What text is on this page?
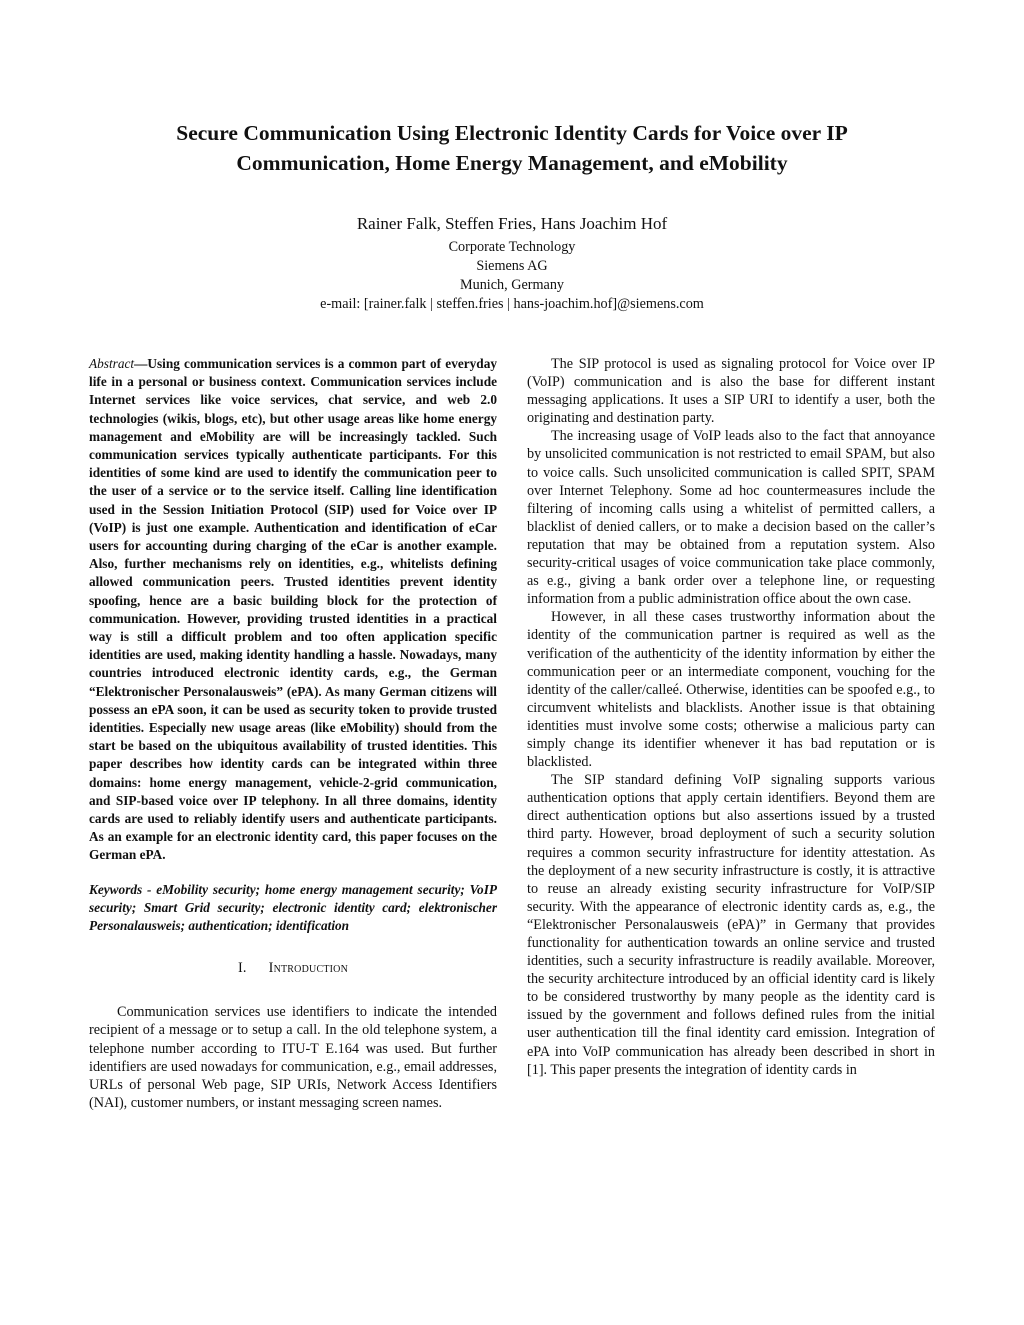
Secure Communication Using Electronic Identity Cards for Voice over IP
Communication, Home Energy Management, and eMobility
Rainer Falk, Steffen Fries, Hans Joachim Hof
Corporate Technology
Siemens AG
Munich, Germany
e-mail: [rainer.falk | steffen.fries | hans-joachim.hof]@siemens.com

Abstract—Using communication services is a common part of everyday life in a personal or business context. Communication services include Internet services like voice services, chat service, and web 2.0 technologies (wikis, blogs, etc), but other usage areas like home energy management and eMobility are will be increasingly tackled. Such communication services typically authenticate participants. For this identities of some kind are used to identify the communication peer to the user of a service or to the service itself. Calling line identification used in the Session Initiation Protocol (SIP) used for Voice over IP (VoIP) is just one example. Authentication and identification of eCar users for accounting during charging of the eCar is another example. Also, further mechanisms rely on identities, e.g., whitelists defining allowed communication peers. Trusted identities prevent identity spoofing, hence are a basic building block for the protection of communication. However, providing trusted identities in a practical way is still a difficult problem and too often application specific identities are used, making identity handling a hassle. Nowadays, many countries introduced electronic identity cards, e.g., the German “Elektronischer Personalausweis” (ePA). As many German citizens will possess an ePA soon, it can be used as security token to provide trusted identities. Especially new usage areas (like eMobility) should from the start be based on the ubiquitous availability of trusted identities. This paper describes how identity cards can be integrated within three domains: home energy management, vehicle-2-grid communication, and SIP-based voice over IP telephony. In all three domains, identity cards are used to reliably identify users and authenticate participants. As an example for an electronic identity card, this paper focuses on the German ePA.

Keywords - eMobility security; home energy management security; VoIP security; Smart Grid security; electronic identity card; elektronischer Personalausweis; authentication; identification

I. Introduction

Communication services use identifiers to indicate the intended recipient of a message or to setup a call. In the old telephone system, a telephone number according to ITU-T E.164 was used. But further identifiers are used nowadays for communication, e.g., email addresses, URLs of personal Web page, SIP URIs, Network Access Identifiers (NAI), customer numbers, or instant messaging screen names.

The SIP protocol is used as signaling protocol for Voice over IP (VoIP) communication and is also the base for different instant messaging applications. It uses a SIP URI to identify a user, both the originating and destination party.

The increasing usage of VoIP leads also to the fact that annoyance by unsolicited communication is not restricted to email SPAM, but also to voice calls. Such unsolicited communication is called SPIT, SPAM over Internet Telephony. Some ad hoc countermeasures include the filtering of incoming calls using a whitelist of permitted callers, a blacklist of denied callers, or to make a decision based on the caller’s reputation that may be obtained from a reputation system. Also security-critical usages of voice communication take place commonly, as e.g., giving a bank order over a telephone line, or requesting information from a public administration office about the own case.

However, in all these cases trustworthy information about the identity of the communication partner is required as well as the verification of the authenticity of the identity information by either the communication peer or an intermediate component, vouching for the identity of the caller/calleé. Otherwise, identities can be spoofed e.g., to circumvent whitelists and blacklists. Another issue is that obtaining identities must involve some costs; otherwise a malicious party can simply change its identifier whenever it has bad reputation or is blacklisted.

The SIP standard defining VoIP signaling supports various authentication options that apply certain identifiers. Beyond them are direct authentication options but also assertions issued by a trusted third party. However, broad deployment of such a security solution requires a common security infrastructure for identity attestation. As the deployment of a new security infrastructure is costly, it is attractive to reuse an already existing security infrastructure for VoIP/SIP security. With the appearance of electronic identity cards as, e.g., the “Elektronischer Personalausweis (ePA)” in Germany that provides functionality for authentication towards an online service and trusted identities, such a security infrastructure is readily available. Moreover, the security architecture introduced by an official identity card is likely to be considered trustworthy by many people as the identity card is issued by the government and follows defined rules from the initial user authentication till the final identity card emission. Integration of ePA into VoIP communication has already been described in short in [1]. This paper presents the integration of identity cards in
